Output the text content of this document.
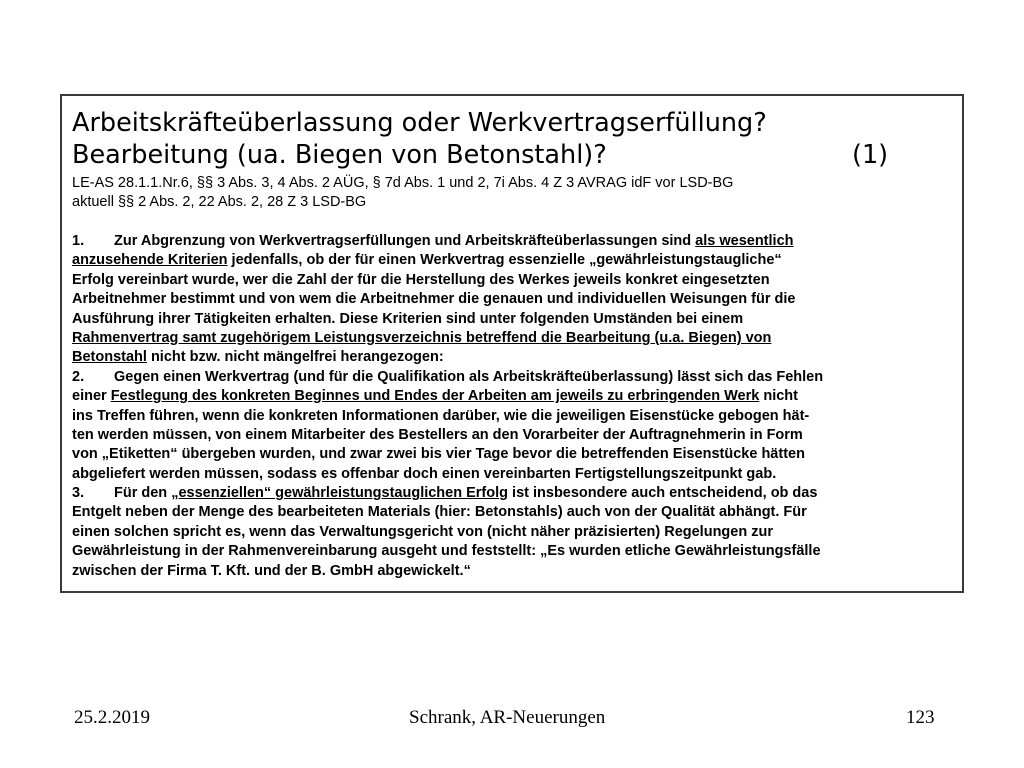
Arbeitskräfteüberlassung oder Werkvertragserfüllung?
Bearbeitung (ua. Biegen von Betonstahl)?	(1)
LE-AS 28.1.1.Nr.6, §§ 3 Abs. 3, 4 Abs. 2 AÜG, § 7d Abs. 1 und 2, 7i Abs. 4 Z 3 AVRAG idF vor LSD-BG
aktuell §§ 2 Abs. 2, 22 Abs. 2, 28 Z 3 LSD-BG
1. Zur Abgrenzung von Werkvertragserfüllungen und Arbeitskräfteüberlassungen sind als wesentlich
anzusehende Kriterien jedenfalls, ob der für einen Werkvertrag essenzielle „gewährleistungstaugliche“
Erfolg vereinbart wurde, wer die Zahl der für die Herstellung des Werkes jeweils konkret eingesetzten
Arbeitnehmer bestimmt und von wem die Arbeitnehmer die genauen und individuellen Weisungen für die
Ausführung ihrer Tätigkeiten erhalten. Diese Kriterien sind unter folgenden Umständen bei einem
Rahmenvertrag samt zugehörigem Leistungsverzeichnis betreffend die Bearbeitung (u.a. Biegen) von
Betonstahl nicht bzw. nicht mängelfrei herangezogen:
2. Gegen einen Werkvertrag (und für die Qualifikation als Arbeitskräfteüberlassung) lässt sich das Fehlen
einer Festlegung des konkreten Beginnes und Endes der Arbeiten am jeweils zu erbringenden Werk nicht
ins Treffen führen, wenn die konkreten Informationen darüber, wie die jeweiligen Eisenstücke gebogen hät-
ten werden müssen, von einem Mitarbeiter des Bestellers an den Vorarbeiter der Auftragnehmerin in Form
von „Etiketten“ übergeben wurden, und zwar zwei bis vier Tage bevor die betreffenden Eisenstücke hätten
abgeliefert werden müssen, sodass es offenbar doch einen vereinbarten Fertigstellungszeitpunkt gab.
3. Für den „essenziellen“ gewährleistungstauglichen Erfolg ist insbesondere auch entscheidend, ob das
Entgelt neben der Menge des bearbeiteten Materials (hier: Betonstahls) auch von der Qualität abhängt. Für
einen solchen spricht es, wenn das Verwaltungsgericht von (nicht näher präzisierten) Regelungen zur
Gewährleistung in der Rahmenvereinbarung ausgeht und feststellt: „Es wurden etliche Gewährleistungsfälle
zwischen der Firma T. Kft. und der B. GmbH abgewickelt.“
25.2.2019	Schrank, AR-Neuerungen	123
